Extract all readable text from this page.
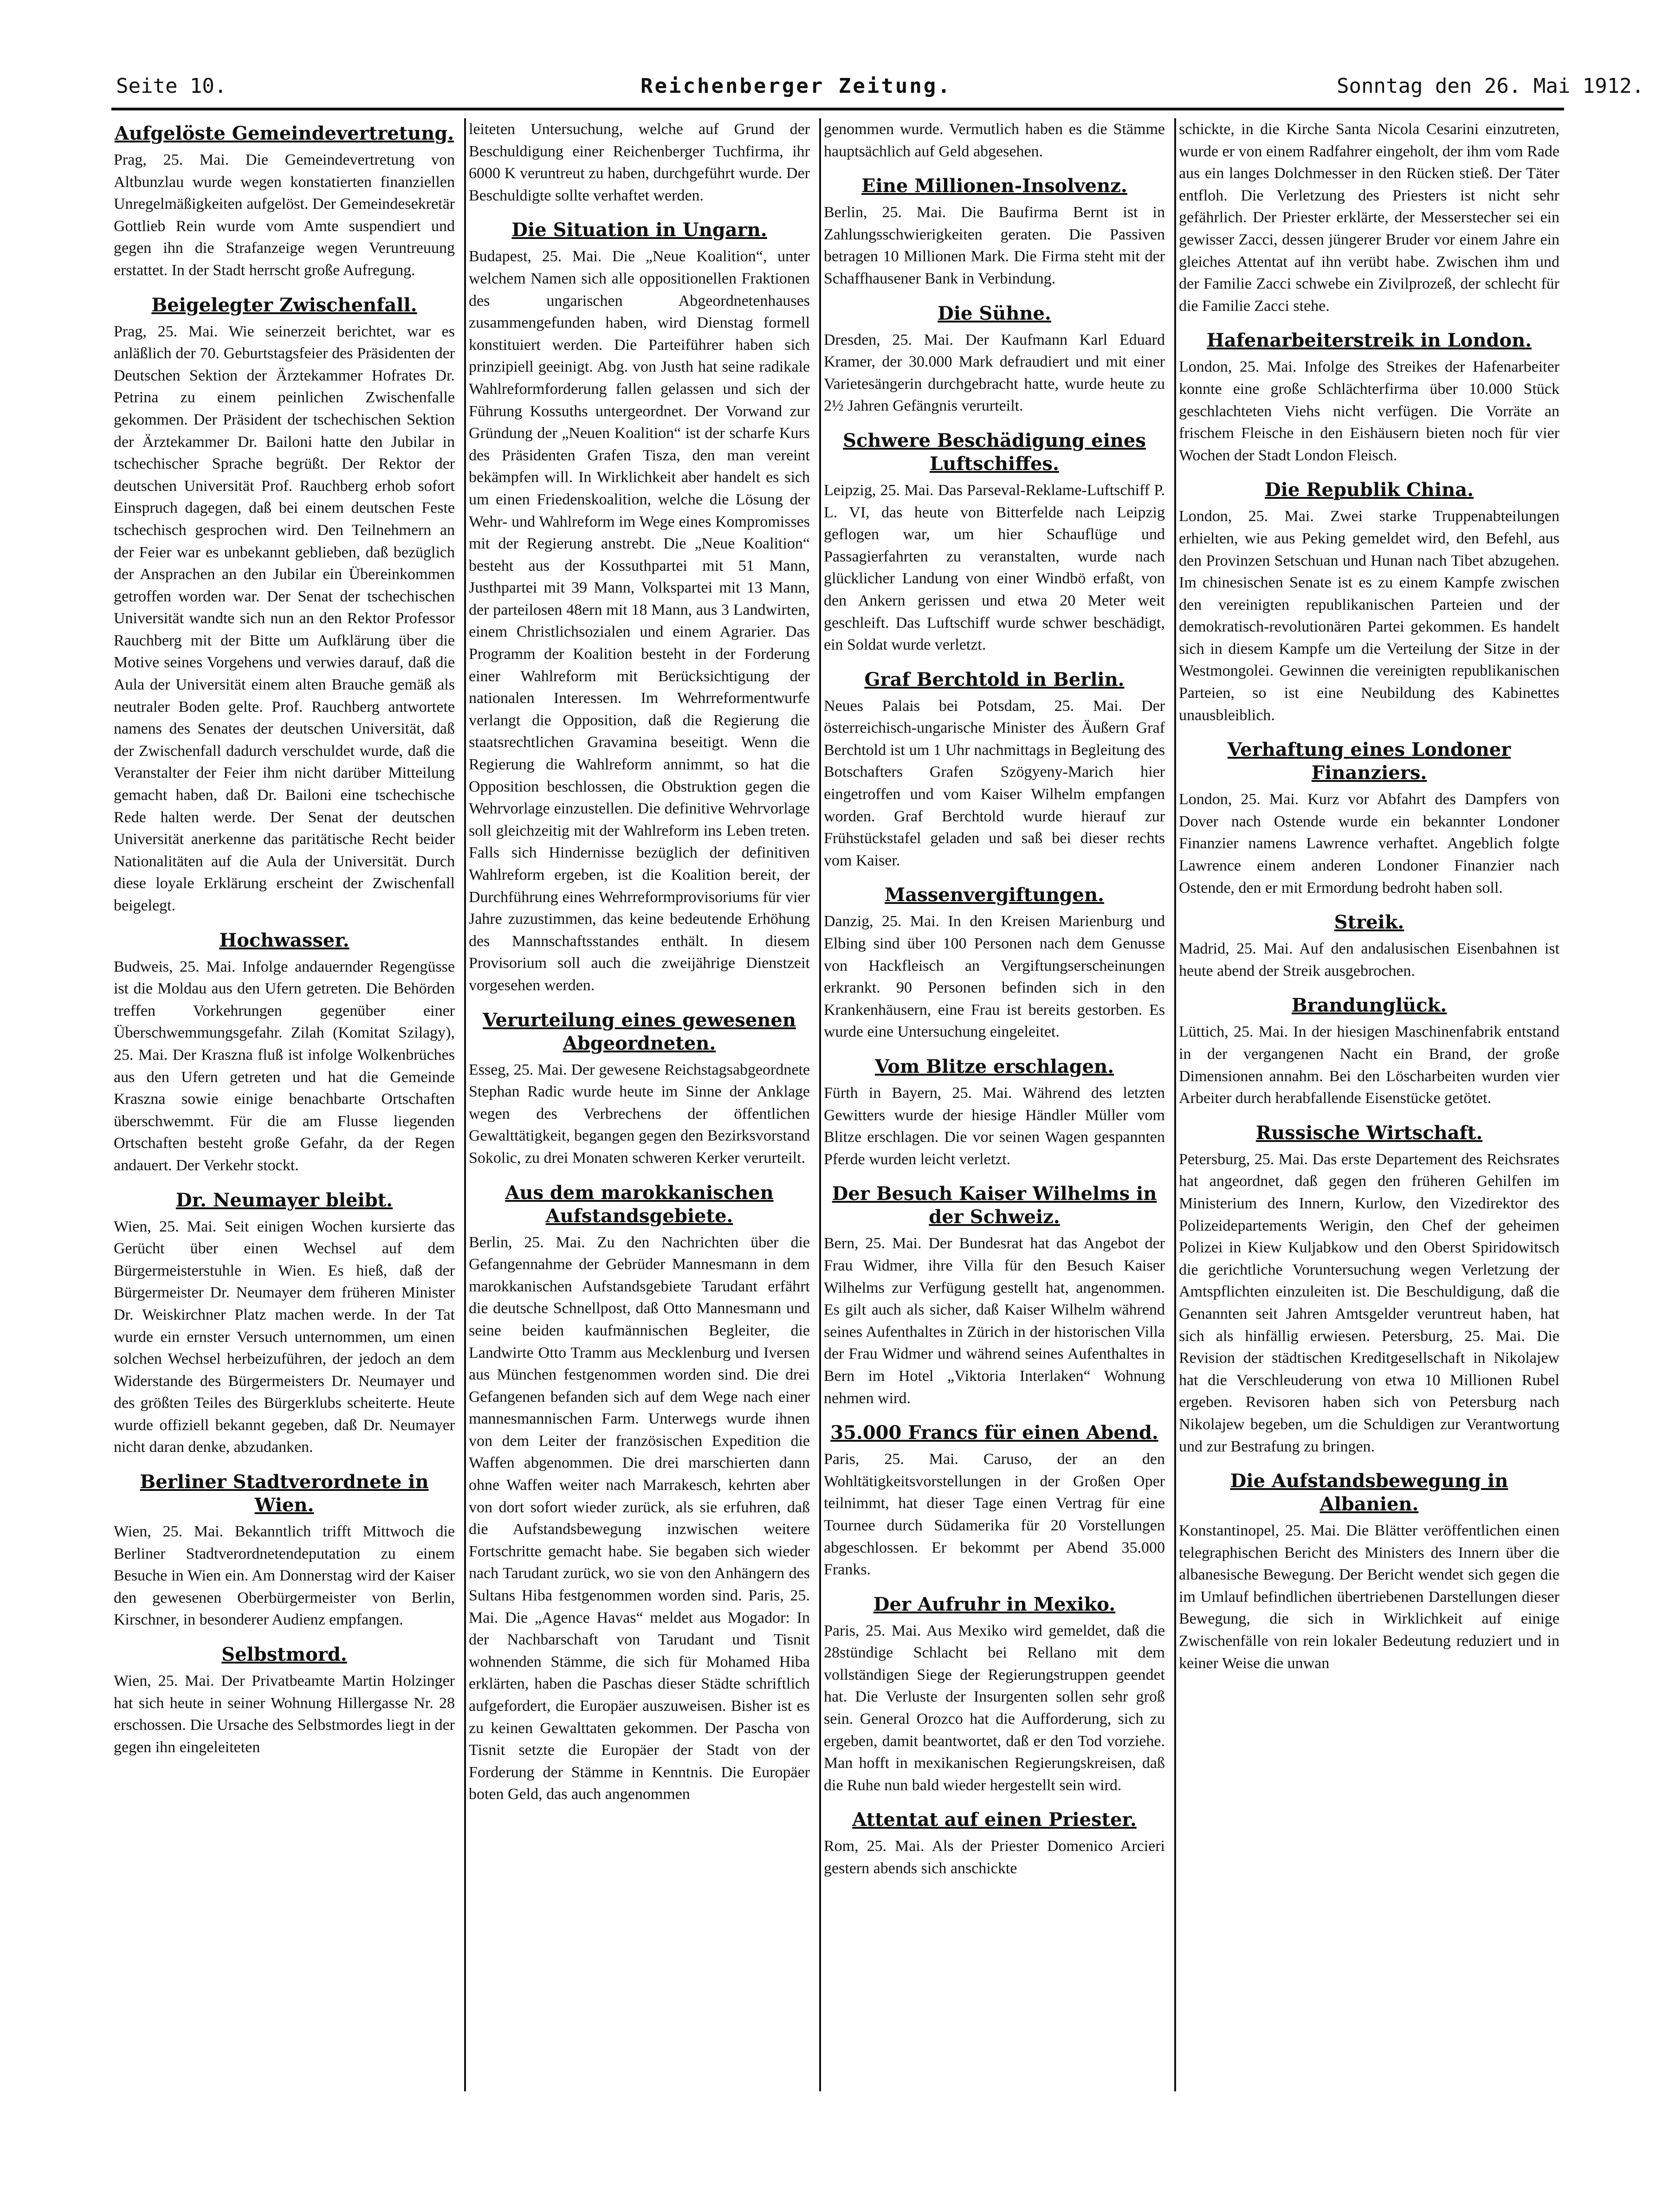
Seite 10.	Reichenberger Zeitung.	Sonntag den 26. Mai 1912.
Aufgelöste Gemeindevertretung.

Prag, 25. Mai. Die Gemeindevertretung von Altbunzlau wurde wegen konstatierten finanziellen Unregelmäßigkeiten aufgelöst. Der Gemeindesekretär Gottlieb Rein wurde vom Amte suspendiert und gegen ihn die Strafanzeige wegen Veruntreuung erstattet. In der Stadt herrscht große Aufregung.

Beigelegter Zwischenfall.

Prag, 25. Mai. Wie seinerzeit berichtet, war es anläßlich der 70. Geburtstagsfeier des Präsidenten der Deutschen Sektion der Ärztekammer Hofrates Dr. Petrina zu einem peinlichen Zwischenfalle gekommen. Der Präsident der tschechischen Sektion der Ärztekammer Dr. Bailoni hatte den Jubilar in tschechischer Sprache begrüßt. Der Rektor der deutschen Universität Prof. Rauchberg erhob sofort Einspruch dagegen, daß bei einem deutschen Feste tschechisch gesprochen wird. Den Teilnehmern an der Feier war es unbekannt geblieben, daß bezüglich der Ansprachen an den Jubilar ein Übereinkommen getroffen worden war. Der Senat der tschechischen Universität wandte sich nun an den Rektor Professor Rauchberg mit der Bitte um Aufklärung über die Motive seines Vorgehens und verwies darauf, daß die Aula der Universität einem alten Brauche gemäß als neutraler Boden gelte. Prof. Rauchberg antwortete namens des Senates der deutschen Universität, daß der Zwischenfall dadurch verschuldet wurde, daß die Veranstalter der Feier ihm nicht darüber Mitteilung gemacht haben, daß Dr. Bailoni eine tschechische Rede halten werde. Der Senat der deutschen Universität anerkenne das paritätische Recht beider Nationalitäten auf die Aula der Universität. Durch diese loyale Erklärung erscheint der Zwischenfall beigelegt.

Hochwasser.

Budweis, 25. Mai. Infolge andauernder Regengüsse ist die Moldau aus den Ufern getreten. Die Behörden treffen Vorkehrungen gegenüber einer Überschwemmungsgefahr. Zilah (Komitat Szilagy), 25. Mai. Der Kraszna fluß ist infolge Wolkenbrüches aus den Ufern getreten und hat die Gemeinde Kraszna sowie einige benachbarte Ortschaften überschwemmt. Für die am Flusse liegenden Ortschaften besteht große Gefahr, da der Regen andauert. Der Verkehr stockt.

Dr. Neumayer bleibt.

Wien, 25. Mai. Seit einigen Wochen kursierte das Gerücht über einen Wechsel auf dem Bürgermeisterstuhle in Wien. Es hieß, daß der Bürgermeister Dr. Neumayer dem früheren Minister Dr. Weiskirchner Platz machen werde. In der Tat wurde ein ernster Versuch unternommen, um einen solchen Wechsel herbeizuführen, der jedoch an dem Widerstande des Bürgermeisters Dr. Neumayer und des größten Teiles des Bürgerklubs scheiterte. Heute wurde offiziell bekannt gegeben, daß Dr. Neumayer nicht daran denke, abzudanken.

Berliner Stadtverordnete in Wien.

Wien, 25. Mai. Bekanntlich trifft Mittwoch die Berliner Stadtverordnetendeputation zu einem Besuche in Wien ein. Am Donnerstag wird der Kaiser den gewesenen Oberbürgermeister von Berlin, Kirschner, in besonderer Audienz empfangen.

Selbstmord.

Wien, 25. Mai. Der Privatbeamte Martin Holzinger hat sich heute in seiner Wohnung Hillergasse Nr. 28 erschossen. Die Ursache des Selbstmordes liegt in der gegen ihn eingeleiteten

leiteten Untersuchung, welche auf Grund der Beschuldigung einer Reichenberger Tuchfirma, ihr 6000 K veruntreut zu haben, durchgeführt wurde. Der Beschuldigte sollte verhaftet werden.

Die Situation in Ungarn.

Budapest, 25. Mai. Die „Neue Koalition“, unter welchem Namen sich alle oppositionellen Fraktionen des ungarischen Abgeordnetenhauses zusammengefunden haben, wird Dienstag formell konstituiert werden. Die Parteiführer haben sich prinzipiell geeinigt. Abg. von Justh hat seine radikale Wahlreformforderung fallen gelassen und sich der Führung Kossuths untergeordnet. Der Vorwand zur Gründung der „Neuen Koalition“ ist der scharfe Kurs des Präsidenten Grafen Tisza, den man vereint bekämpfen will. In Wirklichkeit aber handelt es sich um einen Friedenskoalition, welche die Lösung der Wehr- und Wahlreform im Wege eines Kompromisses mit der Regierung anstrebt. Die „Neue Koalition“ besteht aus der Kossuthpartei mit 51 Mann, Justhpartei mit 39 Mann, Volkspartei mit 13 Mann, der parteilosen 48ern mit 18 Mann, aus 3 Landwirten, einem Christlichsozialen und einem Agrarier. Das Programm der Koalition besteht in der Forderung einer Wahlreform mit Berücksichtigung der nationalen Interessen. Im Wehrreformentwurfe verlangt die Opposition, daß die Regierung die staatsrechtlichen Gravamina beseitigt. Wenn die Regierung die Wahlreform annimmt, so hat die Opposition beschlossen, die Obstruktion gegen die Wehrvorlage einzustellen. Die definitive Wehrvorlage soll gleichzeitig mit der Wahlreform ins Leben treten. Falls sich Hindernisse bezüglich der definitiven Wahlreform ergeben, ist die Koalition bereit, der Durchführung eines Wehrreformprovisoriums für vier Jahre zuzustimmen, das keine bedeutende Erhöhung des Mannschaftsstandes enthält. In diesem Provisorium soll auch die zweijährige Dienstzeit vorgesehen werden.

Verurteilung eines gewesenen Abgeordneten.

Esseg, 25. Mai. Der gewesene Reichstagsabgeordnete Stephan Radic wurde heute im Sinne der Anklage wegen des Verbrechens der öffentlichen Gewalttätigkeit, begangen gegen den Bezirksvorstand Sokolic, zu drei Monaten schweren Kerker verurteilt.

Aus dem marokkanischen Aufstandsgebiete.

Berlin, 25. Mai. Zu den Nachrichten über die Gefangennahme der Gebrüder Mannesmann in dem marokkanischen Aufstandsgebiete Tarudant erfährt die deutsche Schnellpost, daß Otto Mannesmann und seine beiden kaufmännischen Begleiter, die Landwirte Otto Tramm aus Mecklenburg und Iversen aus München festgenommen worden sind. Die drei Gefangenen befanden sich auf dem Wege nach einer mannesmannischen Farm. Unterwegs wurde ihnen von dem Leiter der französischen Expedition die Waffen abgenommen. Die drei marschierten dann ohne Waffen weiter nach Marrakesch, kehrten aber von dort sofort wieder zurück, als sie erfuhren, daß die Aufstandsbewegung inzwischen weitere Fortschritte gemacht habe. Sie begaben sich wieder nach Tarudant zurück, wo sie von den Anhängern des Sultans Hiba festgenommen worden sind. Paris, 25. Mai. Die „Agence Havas“ meldet aus Mogador: In der Nachbarschaft von Tarudant und Tisnit wohnenden Stämme, die sich für Mohamed Hiba erklärten, haben die Paschas dieser Städte schriftlich aufgefordert, die Europäer auszuweisen. Bisher ist es zu keinen Gewalttaten gekommen. Der Pascha von Tisnit setzte die Europäer der Stadt von der Forderung der Stämme in Kenntnis. Die Europäer boten Geld, das auch angenommen

genommen wurde. Vermutlich haben es die Stämme hauptsächlich auf Geld abgesehen.

Eine Millionen-Insolvenz.

Berlin, 25. Mai. Die Baufirma Bernt ist in Zahlungsschwierigkeiten geraten. Die Passiven betragen 10 Millionen Mark. Die Firma steht mit der Schaffhausener Bank in Verbindung.

Die Sühne.

Dresden, 25. Mai. Der Kaufmann Karl Eduard Kramer, der 30.000 Mark defraudiert und mit einer Varietesängerin durchgebracht hatte, wurde heute zu 2½ Jahren Gefängnis verurteilt.

Schwere Beschädigung eines Luftschiffes.

Leipzig, 25. Mai. Das Parseval-Reklame-Luftschiff P. L. VI, das heute von Bitterfelde nach Leipzig geflogen war, um hier Schauflüge und Passagierfahrten zu veranstalten, wurde nach glücklicher Landung von einer Windbö erfaßt, von den Ankern gerissen und etwa 20 Meter weit geschleift. Das Luftschiff wurde schwer beschädigt, ein Soldat wurde verletzt.

Graf Berchtold in Berlin.

Neues Palais bei Potsdam, 25. Mai. Der österreichisch-ungarische Minister des Äußern Graf Berchtold ist um 1 Uhr nachmittags in Begleitung des Botschafters Grafen Szögyeny-Marich hier eingetroffen und vom Kaiser Wilhelm empfangen worden. Graf Berchtold wurde hierauf zur Frühstückstafel geladen und saß bei dieser rechts vom Kaiser.

Massenvergiftungen.

Danzig, 25. Mai. In den Kreisen Marienburg und Elbing sind über 100 Personen nach dem Genusse von Hackfleisch an Vergiftungserscheinungen erkrankt. 90 Personen befinden sich in den Krankenhäusern, eine Frau ist bereits gestorben. Es wurde eine Untersuchung eingeleitet.

Vom Blitze erschlagen.

Fürth in Bayern, 25. Mai. Während des letzten Gewitters wurde der hiesige Händler Müller vom Blitze erschlagen. Die vor seinen Wagen gespannten Pferde wurden leicht verletzt.

Der Besuch Kaiser Wilhelms in der Schweiz.

Bern, 25. Mai. Der Bundesrat hat das Angebot der Frau Widmer, ihre Villa für den Besuch Kaiser Wilhelms zur Verfügung gestellt hat, angenommen. Es gilt auch als sicher, daß Kaiser Wilhelm während seines Aufenthaltes in Zürich in der historischen Villa der Frau Widmer und während seines Aufenthaltes in Bern im Hotel „Viktoria Interlaken“ Wohnung nehmen wird.

35.000 Francs für einen Abend.

Paris, 25. Mai. Caruso, der an den Wohltätigkeitsvorstellungen in der Großen Oper teilnimmt, hat dieser Tage einen Vertrag für eine Tournee durch Südamerika für 20 Vorstellungen abgeschlossen. Er bekommt per Abend 35.000 Franks.

Der Aufruhr in Mexiko.

Paris, 25. Mai. Aus Mexiko wird gemeldet, daß die 28stündige Schlacht bei Rellano mit dem vollständigen Siege der Regierungstruppen geendet hat. Die Verluste der Insurgenten sollen sehr groß sein. General Orozco hat die Aufforderung, sich zu ergeben, damit beantwortet, daß er den Tod vorziehe. Man hofft in mexikanischen Regierungskreisen, daß die Ruhe nun bald wieder hergestellt sein wird.

Attentat auf einen Priester.

Rom, 25. Mai. Als der Priester Domenico Arcieri gestern abends sich anschickte

schickte, in die Kirche Santa Nicola Cesarini einzutreten, wurde er von einem Radfahrer eingeholt, der ihm vom Rade aus ein langes Dolchmesser in den Rücken stieß. Der Täter entfloh. Die Verletzung des Priesters ist nicht sehr gefährlich. Der Priester erklärte, der Messerstecher sei ein gewisser Zacci, dessen jüngerer Bruder vor einem Jahre ein gleiches Attentat auf ihn verübt habe. Zwischen ihm und der Familie Zacci schwebe ein Zivilprozeß, der schlecht für die Familie Zacci stehe.

Hafenarbeiterstreik in London.

London, 25. Mai. Infolge des Streikes der Hafenarbeiter konnte eine große Schlächterfirma über 10.000 Stück geschlachteten Viehs nicht verfügen. Die Vorräte an frischem Fleische in den Eishäusern bieten noch für vier Wochen der Stadt London Fleisch.

Die Republik China.

London, 25. Mai. Zwei starke Truppenabteilungen erhielten, wie aus Peking gemeldet wird, den Befehl, aus den Provinzen Setschuan und Hunan nach Tibet abzugehen. Im chinesischen Senate ist es zu einem Kampfe zwischen den vereinigten republikanischen Parteien und der demokratisch-revolutionären Partei gekommen. Es handelt sich in diesem Kampfe um die Verteilung der Sitze in der Westmongolei. Gewinnen die vereinigten republikanischen Parteien, so ist eine Neubildung des Kabinettes unausbleiblich.

Verhaftung eines Londoner Finanziers.

London, 25. Mai. Kurz vor Abfahrt des Dampfers von Dover nach Ostende wurde ein bekannter Londoner Finanzier namens Lawrence verhaftet. Angeblich folgte Lawrence einem anderen Londoner Finanzier nach Ostende, den er mit Ermordung bedroht haben soll.

Streik.

Madrid, 25. Mai. Auf den andalusischen Eisenbahnen ist heute abend der Streik ausgebrochen.

Brandunglück.

Lüttich, 25. Mai. In der hiesigen Maschinenfabrik entstand in der vergangenen Nacht ein Brand, der große Dimensionen annahm. Bei den Löscharbeiten wurden vier Arbeiter durch herabfallende Eisenstücke getötet.

Russische Wirtschaft.

Petersburg, 25. Mai. Das erste Departement des Reichsrates hat angeordnet, daß gegen den früheren Gehilfen im Ministerium des Innern, Kurlow, den Vizedirektor des Polizeidepartements Werigin, den Chef der geheimen Polizei in Kiew Kuljabkow und den Oberst Spiridowitsch die gerichtliche Voruntersuchung wegen Verletzung der Amtspflichten einzuleiten ist. Die Beschuldigung, daß die Genannten seit Jahren Amtsgelder veruntreut haben, hat sich als hinfällig erwiesen. Petersburg, 25. Mai. Die Revision der städtischen Kreditgesellschaft in Nikolajew hat die Verschleuderung von etwa 10 Millionen Rubel ergeben. Revisoren haben sich von Petersburg nach Nikolajew begeben, um die Schuldigen zur Verantwortung und zur Bestrafung zu bringen.

Die Aufstandsbewegung in Albanien.

Konstantinopel, 25. Mai. Die Blätter veröffentlichen einen telegraphischen Bericht des Ministers des Innern über die albanesische Bewegung. Der Bericht wendet sich gegen die im Umlauf befindlichen übertriebenen Darstellungen dieser Bewegung, die sich in Wirklichkeit auf einige Zwischenfälle von rein lokaler Bedeutung reduziert und in keiner Weise die unwan
